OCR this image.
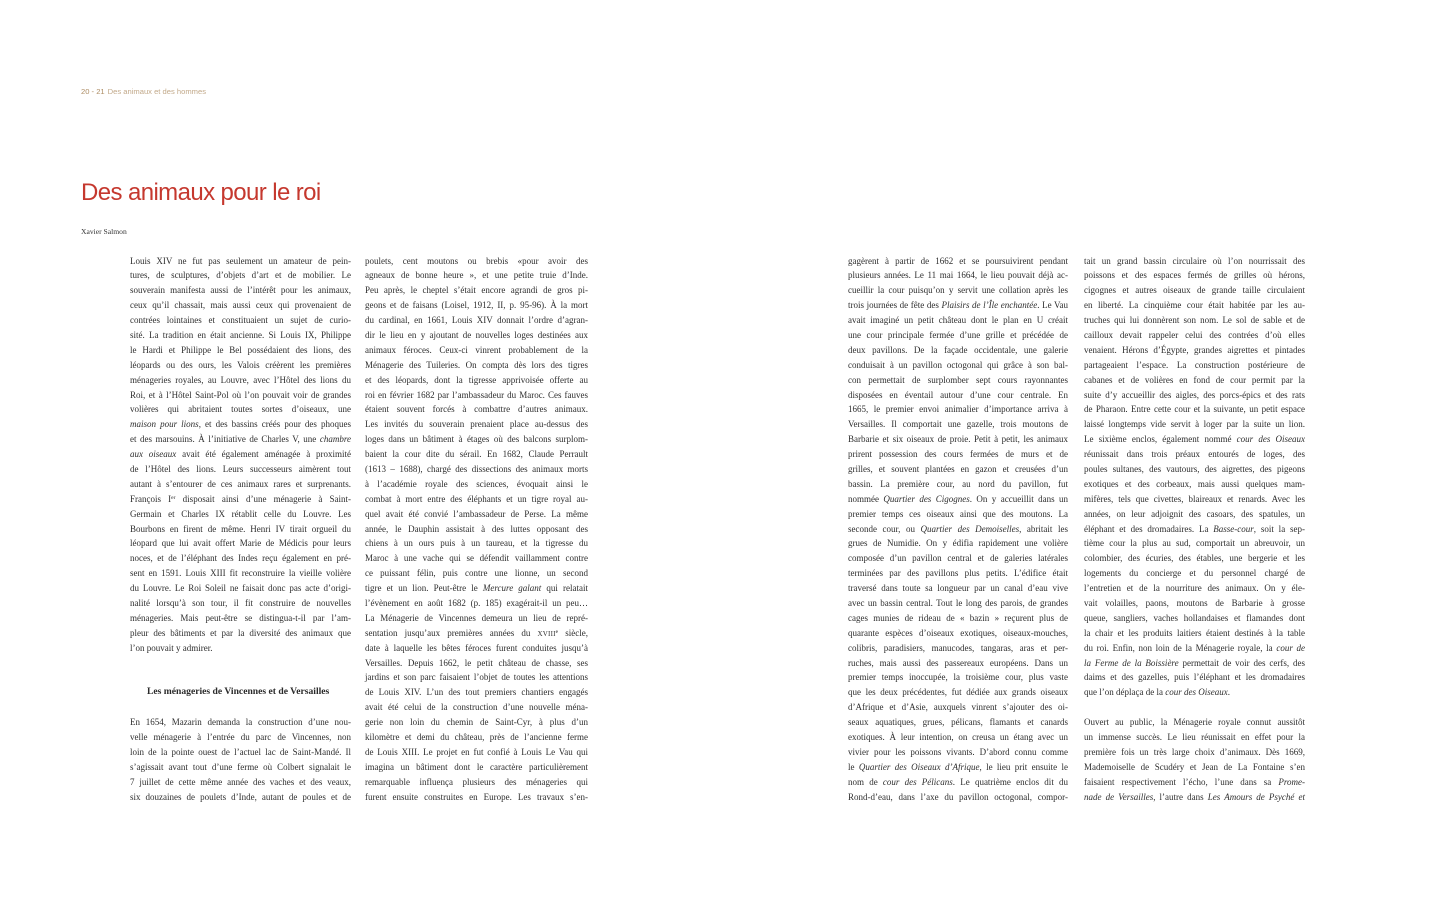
20 - 21 Des animaux et des hommes
Des animaux pour le roi
Xavier Salmon
Louis XIV ne fut pas seulement un amateur de pein-
tures, de sculptures, d’objets d’art et de mobilier. Le
souverain manifesta aussi de l’intérêt pour les animaux,
ceux qu’il chassait, mais aussi ceux qui provenaient de
contrées lointaines et constituaient un sujet de curio-
sité. La tradition en était ancienne. Si Louis IX, Philippe
le Hardi et Philippe le Bel possédaient des lions, des
léopards ou des ours, les Valois créèrent les premières
ménageries royales, au Louvre, avec l’Hôtel des lions du
Roi, et à l’Hôtel Saint-Pol où l’on pouvait voir de grandes
volières qui abritaient toutes sortes d’oiseaux, une
maison pour lions, et des bassins créés pour des phoques
et des marsouins. À l’initiative de Charles V, une chambre
aux oiseaux avait été également aménagée à proximité
de l’Hôtel des lions. Leurs successeurs aimèrent tout
autant à s’entourer de ces animaux rares et surprenants.
François Ier disposait ainsi d’une ménagerie à Saint-
Germain et Charles IX rétablit celle du Louvre. Les
Bourbons en firent de même. Henri IV tirait orgueil du
léopard que lui avait offert Marie de Médicis pour leurs
noces, et de l’éléphant des Indes reçu également en pré-
sent en 1591. Louis XIII fit reconstruire la vieille volière
du Louvre. Le Roi Soleil ne faisait donc pas acte d’origi-
nalité lorsqu’à son tour, il fit construire de nouvelles
ménageries. Mais peut-être se distingua-t-il par l’am-
pleur des bâtiments et par la diversité des animaux que
l’on pouvait y admirer.
Les ménageries de Vincennes et de Versailles
En 1654, Mazarin demanda la construction d’une nou-
velle ménagerie à l’entrée du parc de Vincennes, non
loin de la pointe ouest de l’actuel lac de Saint-Mandé. Il
s’agissait avant tout d’une ferme où Colbert signalait le
7 juillet de cette même année des vaches et des veaux,
six douzaines de poulets d’Inde, autant de poules et de
poulets, cent moutons ou brebis «pour avoir des
agneaux de bonne heure », et une petite truie d’Inde.
Peu après, le cheptel s’était encore agrandi de gros pi-
geons et de faisans (Loisel, 1912, II, p. 95-96). À la mort
du cardinal, en 1661, Louis XIV donnait l’ordre d’agran-
dir le lieu en y ajoutant de nouvelles loges destinées aux
animaux féroces. Ceux-ci vinrent probablement de la
Ménagerie des Tuileries. On compta dès lors des tigres
et des léopards, dont la tigresse apprivoisée offerte au
roi en février 1682 par l’ambassadeur du Maroc. Ces fauves
étaient souvent forcés à combattre d’autres animaux.
Les invités du souverain prenaient place au-dessus des
loges dans un bâtiment à étages où des balcons surplom-
baient la cour dite du sérail. En 1682, Claude Perrault
(1613 – 1688), chargé des dissections des animaux morts
à l’académie royale des sciences, évoquait ainsi le
combat à mort entre des éléphants et un tigre royal au-
quel avait été convié l’ambassadeur de Perse. La même
année, le Dauphin assistait à des luttes opposant des
chiens à un ours puis à un taureau, et la tigresse du
Maroc à une vache qui se défendit vaillamment contre
ce puissant félin, puis contre une lionne, un second
tigre et un lion. Peut-être le Mercure galant qui relatait
l’évènement en août 1682 (p. 185) exagérait-il un peu…
La Ménagerie de Vincennes demeura un lieu de repré-
sentation jusqu’aux premières années du XVIIIe siècle,
date à laquelle les bêtes féroces furent conduites jusqu’à
Versailles. Depuis 1662, le petit château de chasse, ses
jardins et son parc faisaient l’objet de toutes les attentions
de Louis XIV. L’un des tout premiers chantiers engagés
avait été celui de la construction d’une nouvelle ména-
gerie non loin du chemin de Saint-Cyr, à plus d’un
kilomètre et demi du château, près de l’ancienne ferme
de Louis XIII. Le projet en fut confié à Louis Le Vau qui
imagina un bâtiment dont le caractère particulièrement
remarquable influença plusieurs des ménageries qui
furent ensuite construites en Europe. Les travaux s’en-
gagèrent à partir de 1662 et se poursuivirent pendant
plusieurs années. Le 11 mai 1664, le lieu pouvait déjà ac-
cueillir la cour puisqu’on y servit une collation après les
trois journées de fête des Plaisirs de l’Île enchantée. Le Vau
avait imaginé un petit château dont le plan en U créait
une cour principale fermée d’une grille et précédée de
deux pavillons. De la façade occidentale, une galerie
conduisait à un pavillon octogonal qui grâce à son bal-
con permettait de surplomber sept cours rayonnantes
disposées en éventail autour d’une cour centrale. En
1665, le premier envoi animalier d’importance arriva à
Versailles. Il comportait une gazelle, trois moutons de
Barbarie et six oiseaux de proie. Petit à petit, les animaux
prirent possession des cours fermées de murs et de
grilles, et souvent plantées en gazon et creusées d’un
bassin. La première cour, au nord du pavillon, fut
nommée Quartier des Cigognes. On y accueillit dans un
premier temps ces oiseaux ainsi que des moutons. La
seconde cour, ou Quartier des Demoiselles, abritait les
grues de Numidie. On y édifia rapidement une volière
composée d’un pavillon central et de galeries latérales
terminées par des pavillons plus petits. L’édifice était
traversé dans toute sa longueur par un canal d’eau vive
avec un bassin central. Tout le long des parois, de grandes
cages munies de rideau de « bazin » reçurent plus de
quarante espèces d’oiseaux exotiques, oiseaux-mouches,
colibris, paradisiers, manucodes, tangaras, aras et per-
ruches, mais aussi des passereaux européens. Dans un
premier temps inoccupée, la troisième cour, plus vaste
que les deux précédentes, fut dédiée aux grands oiseaux
d’Afrique et d’Asie, auxquels vinrent s’ajouter des oi-
seaux aquatiques, grues, pélicans, flamants et canards
exotiques. À leur intention, on creusa un étang avec un
vivier pour les poissons vivants. D’abord connu comme
le Quartier des Oiseaux d’Afrique, le lieu prit ensuite le
nom de cour des Pélicans. Le quatrième enclos dit du
Rond-d’eau, dans l’axe du pavillon octogonal, compor-
tait un grand bassin circulaire où l’on nourrissait des
poissons et des espaces fermés de grilles où hérons,
cigognes et autres oiseaux de grande taille circulaient
en liberté. La cinquième cour était habitée par les au-
truches qui lui donnèrent son nom. Le sol de sable et de
cailloux devait rappeler celui des contrées d’où elles
venaient. Hérons d’Égypte, grandes aigrettes et pintades
partageaient l’espace. La construction postérieure de
cabanes et de volières en fond de cour permit par la
suite d’y accueillir des aigles, des porcs-épics et des rats
de Pharaon. Entre cette cour et la suivante, un petit espace
laissé longtemps vide servit à loger par la suite un lion.
Le sixième enclos, également nommé cour des Oiseaux
réunissait dans trois préaux entourés de loges, des
poules sultanes, des vautours, des aigrettes, des pigeons
exotiques et des corbeaux, mais aussi quelques mam-
mifères, tels que civettes, blaireaux et renards. Avec les
années, on leur adjoignit des casoars, des spatules, un
éléphant et des dromadaires. La Basse-cour, soit la sep-
tième cour la plus au sud, comportait un abreuvoir, un
colombier, des écuries, des étables, une bergerie et les
logements du concierge et du personnel chargé de
l’entretien et de la nourriture des animaux. On y éle-
vait volailles, paons, moutons de Barbarie à grosse
queue, sangliers, vaches hollandaises et flamandes dont
la chair et les produits laitiers étaient destinés à la table
du roi. Enfin, non loin de la Ménagerie royale, la cour de
la Ferme de la Boissière permettait de voir des cerfs, des
daims et des gazelles, puis l’éléphant et les dromadaires
que l’on déplaça de la cour des Oiseaux.
Ouvert au public, la Ménagerie royale connut aussitôt
un immense succès. Le lieu réunissait en effet pour la
première fois un très large choix d’animaux. Dès 1669,
Mademoiselle de Scudéry et Jean de La Fontaine s’en
faisaient respectivement l’écho, l’une dans sa Prome-
nade de Versailles, l’autre dans Les Amours de Psyché et
